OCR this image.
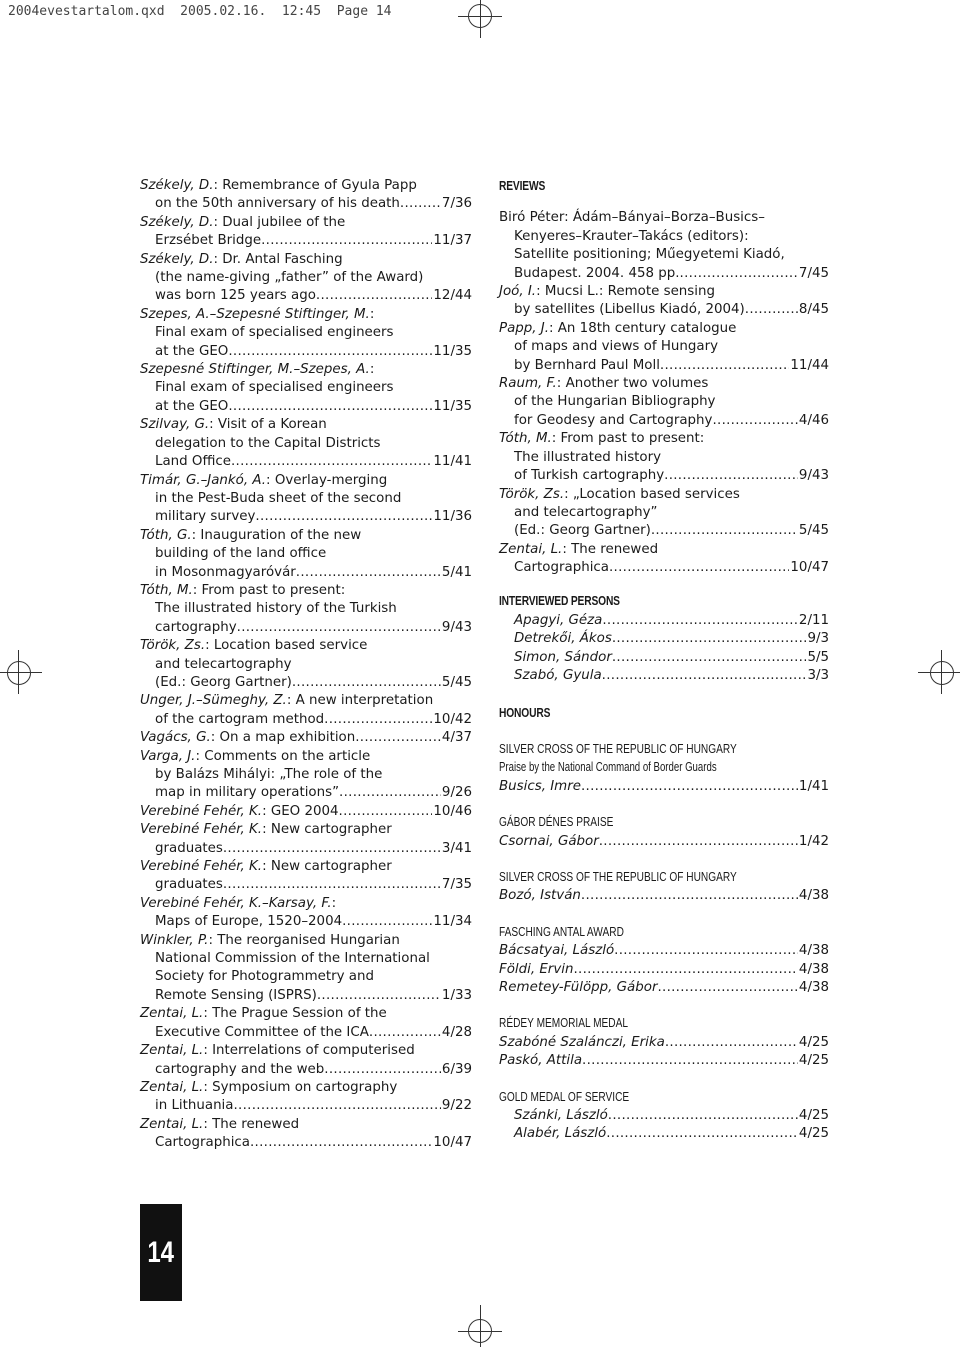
2004evestartalom.qxd  2005.02.16.  12:45  Page 14
Székely, D. : Remembrance of Gyula Papp
on the 50th anniversary of his death .....	7/36
Székely, D. : Dual jubilee of the
Erzsébet Bridge .....	11/37
Székely, D. : Dr. Antal Fasching
(the name-giving „father” of the Award)
was born 125 years ago .....	12/44
Szepes, A.–Szepesné Stiftinger, M. :
Final exam of specialised engineers
at the GEO .....	11/35
Szepesné Stiftinger, M.–Szepes, A. :
Final exam of specialised engineers
at the GEO .....	11/35
Szilvay, G. : Visit of a Korean
delegation to the Capital Districts
Land Office .....	11/41
Timár, G.–Jankó, A. : Overlay-merging
in the Pest-Buda sheet of the second
military survey .....	11/36
Tóth, G. : Inauguration of the new
building of the land office
in Mosonmagyaróvár .....	5/41
Tóth, M. : From past to present:
The illustrated history of the Turkish
cartography .....	9/43
Török, Zs. : Location based service
and telecartography
(Ed.: Georg Gartner) .....	5/45
Unger, J.–Sümeghy, Z. : A new interpretation
of the cartogram method .....	10/42
Vagács, G. : On a map exhibition .....	4/37
Varga, J. : Comments on the article
by Balázs Mihályi: „The role of the
map in military operations” .....	9/26
Verebiné Fehér, K. : GEO 2004 .....	10/46
Verebiné Fehér, K. : New cartographer
graduates .....	3/41
Verebiné Fehér, K. : New cartographer
graduates .....	7/35
Verebiné Fehér, K.–Karsay, F. :
Maps of Europe, 1520–2004 .....	11/34
Winkler, P. : The reorganised Hungarian
National Commission of the International
Society for Photogrammetry and
Remote Sensing (ISPRS) .....	1/33
Zentai, L. : The Prague Session of the
Executive Committee of the ICA .....	4/28
Zentai, L. : Interrelations of computerised
cartography and the web .....	6/39
Zentai, L. : Symposium on cartography
in Lithuania .....	9/22
Zentai, L. : The renewed
Cartographica .....	10/47
REVIEWS
Biró Péter: Ádám–Bányai–Borza–Busics–
Kenyeres–Krauter–Takács (editors):
Satellite positioning; Műegyetemi Kiadó,
Budapest. 2004. 458 pp. .....	7/45
Joó, I. : Mucsi L.: Remote sensing
by satellites (Libellus Kiadó, 2004) .....	8/45
Papp, J. : An 18th century catalogue
of maps and views of Hungary
by Bernhard Paul Moll .....	11/44
Raum, F. : Another two volumes
of the Hungarian Bibliography
for Geodesy and Cartography .....	4/46
Tóth, M. : From past to present:
The illustrated history
of Turkish cartography .....	9/43
Török, Zs. : „Location based services
and telecartography”
(Ed.: Georg Gartner) .....	5/45
Zentai, L. : The renewed
Cartographica .....	10/47
INTERVIEWED PERSONS
Apagyi, Géza .....	2/11
Detrekői, Ákos .....	9/3
Simon, Sándor .....	5/5
Szabó, Gyula .....	3/3
HONOURS
SILVER CROSS OF THE REPUBLIC OF HUNGARY
Praise by the National Command of Border Guards
Busics, Imre .....	1/41
GÁBOR DÉNES PRAISE
Csornai, Gábor .....	1/42
SILVER CROSS OF THE REPUBLIC OF HUNGARY
Bozó, István .....	4/38
FASCHING ANTAL AWARD
Bácsatyai, László .....	4/38
Földi, Ervin .....	4/38
Remetey-Fülöpp, Gábor .....	4/38
RÉDEY MEMORIAL MEDAL
Szabóné Szalánczi, Erika .....	4/25
Paskó, Attila .....	4/25
GOLD MEDAL OF SERVICE
Szánki, László .....	4/25
Alabér, László .....	4/25
14
